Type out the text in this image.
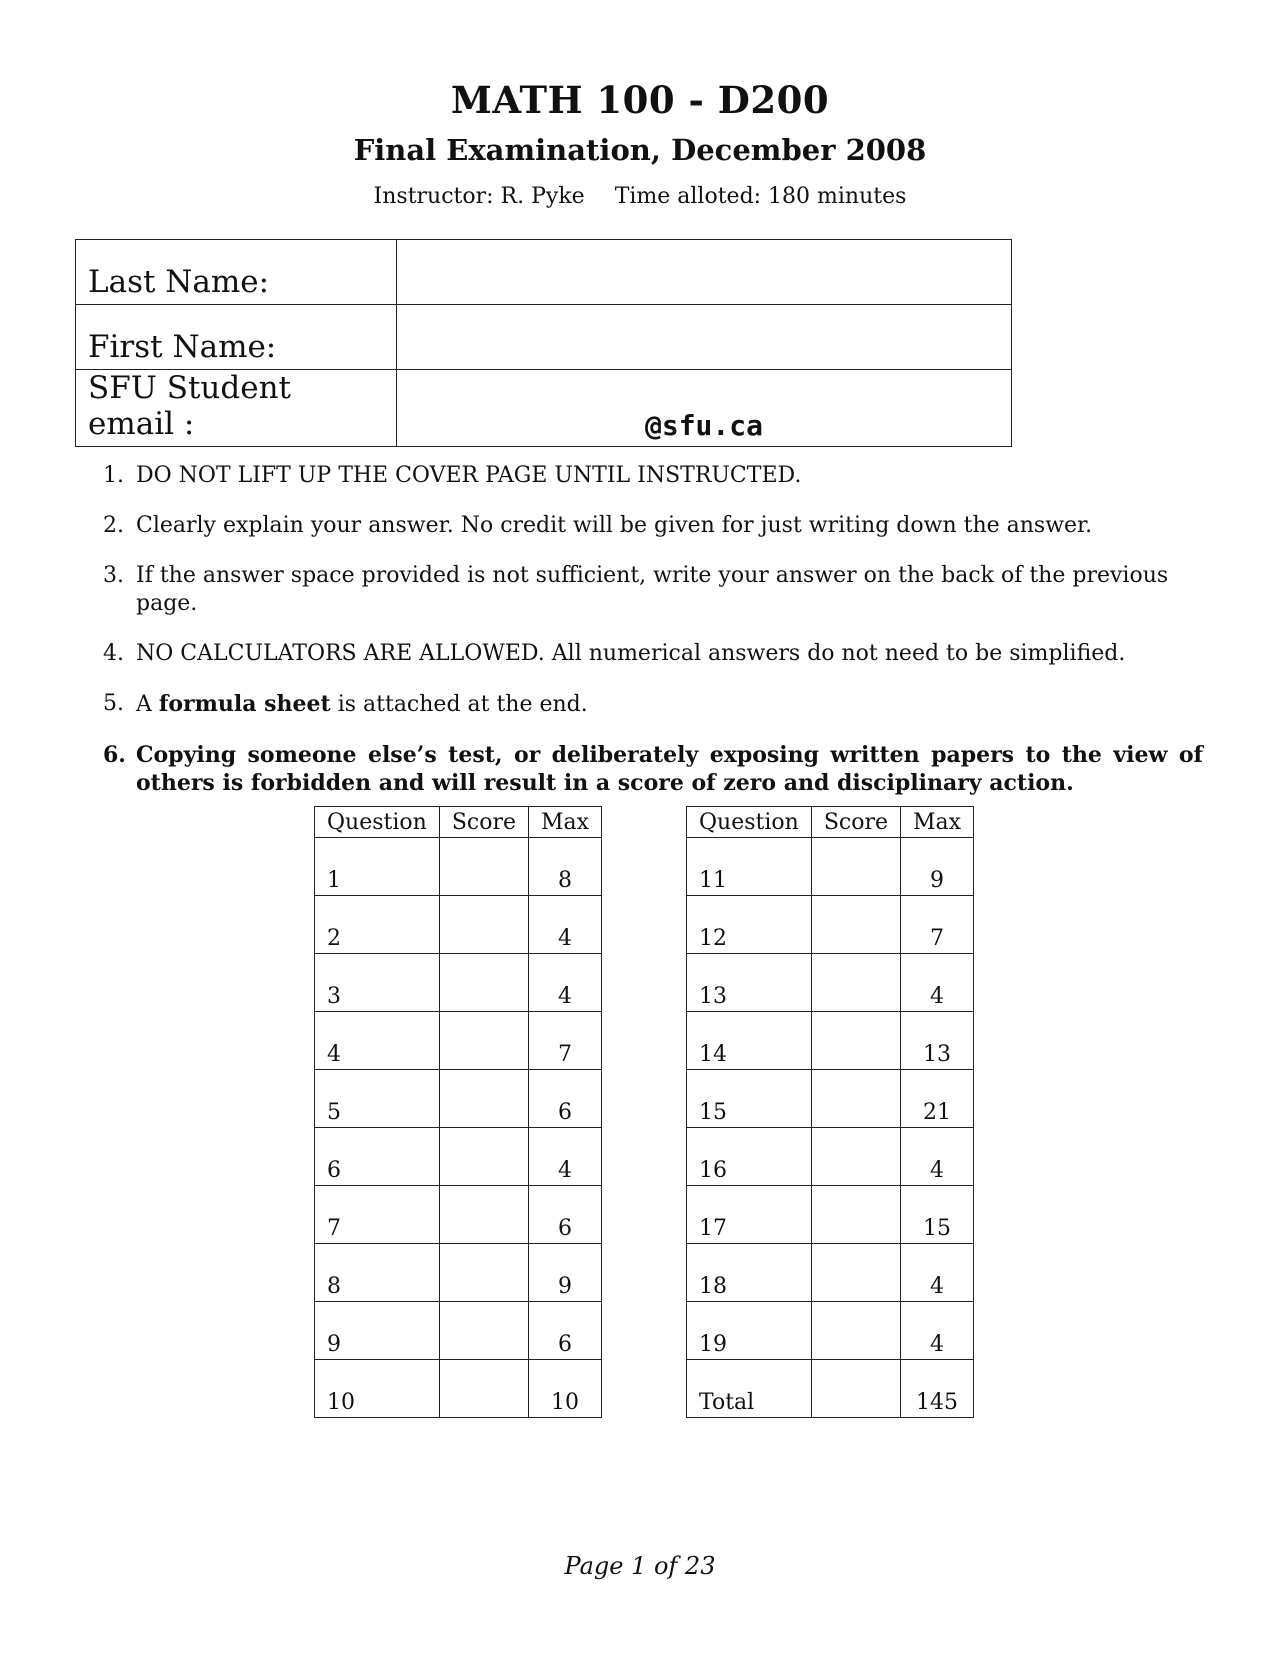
MATH 100 - D200
Final Examination, December 2008
Instructor: R. Pyke Time alloted: 180 minutes
Last Name:	
First Name:	
SFU Student email :	@sfu.ca
1. DO NOT LIFT UP THE COVER PAGE UNTIL INSTRUCTED.
2. Clearly explain your answer. No credit will be given for just writing down the answer.
3. If the answer space provided is not sufficient, write your answer on the back of the previous page.
4. NO CALCULATORS ARE ALLOWED. All numerical answers do not need to be simplified.
5. A formula sheet is attached at the end.
6. Copying someone else’s test, or deliberately exposing written papers to the view of others is forbidden and will result in a score of zero and disciplinary action.
Question	Score	Max
1		8
2		4
3		4
4		7
5		6
6		4
7		6
8		9
9		6
10		10
Question	Score	Max
11		9
12		7
13		4
14		13
15		21
16		4
17		15
18		4
19		4
Total		145
Page 1 of 23
